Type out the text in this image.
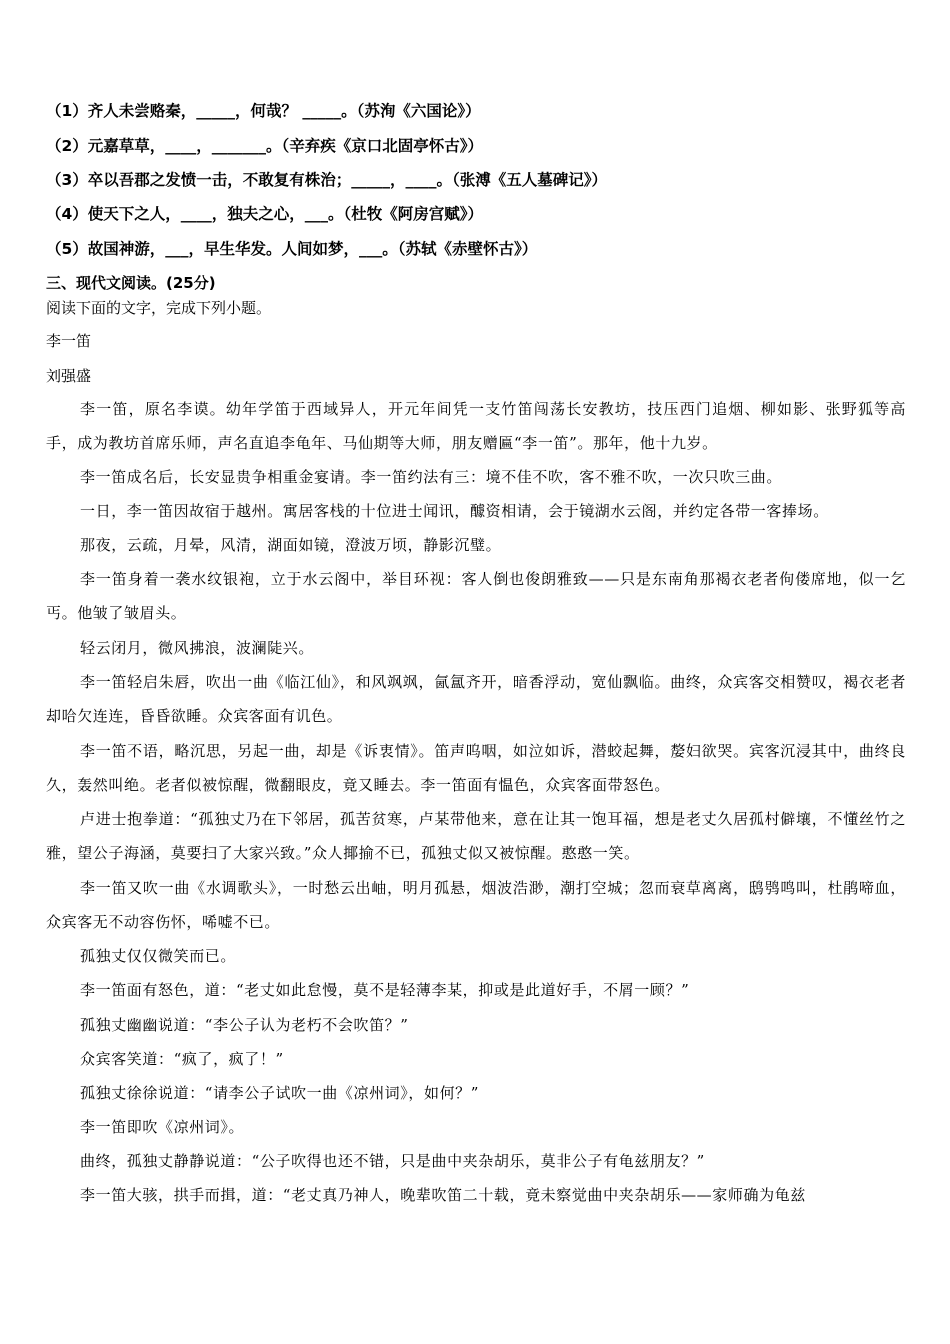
（1）齐人未尝赂秦，_____，何哉？ _____。（苏洵《六国论》）
（2）元嘉草草，____，_______。（辛弃疾《京口北固亭怀古》）
（3）卒以吾郡之发愤一击，不敢复有株治；_____，____。（张溥《五人墓碑记》）
（4）使天下之人，____，独夫之心，___。（杜牧《阿房宫赋》）
（5）故国神游，___，早生华发。人间如梦，___。（苏轼《赤壁怀古》）
三、现代文阅读。(25分)
阅读下面的文字，完成下列小题。
李一笛
刘强盛
李一笛，原名李谟。幼年学笛于西域异人，开元年间凭一支竹笛闯荡长安教坊，技压西门追烟、柳如影、张野狐等高手，成为教坊首席乐师，声名直追李龟年、马仙期等大师，朋友赠匾“李一笛”。那年，他十九岁。
李一笛成名后，长安显贵争相重金宴请。李一笛约法有三：境不佳不吹，客不雅不吹，一次只吹三曲。
一日，李一笛因故宿于越州。寓居客栈的十位进士闻讯，醵资相请，会于镜湖水云阁，并约定各带一客捧场。
那夜，云疏，月晕，风清，湖面如镜，澄波万顷，静影沉璧。
李一笛身着一袭水纹银袍，立于水云阁中，举目环视：客人倒也俊朗雅致——只是东南角那褐衣老者佝偻席地，似一乞丐。他皱了皱眉头。
轻云闭月，微风拂浪，波澜陡兴。
李一笛轻启朱唇，吹出一曲《临江仙》，和风飒飒，氤氲齐开，暗香浮动，宽仙飘临。曲终，众宾客交相赞叹，褐衣老者却哈欠连连，昏昏欲睡。众宾客面有讥色。
李一笛不语，略沉思，另起一曲，却是《诉衷情》。笛声呜咽，如泣如诉，潜蛟起舞，嫠妇欲哭。宾客沉浸其中，曲终良久，轰然叫绝。老者似被惊醒，微翻眼皮，竟又睡去。李一笛面有愠色，众宾客面带怒色。
卢进士抱拳道：“孤独丈乃在下邻居，孤苦贫寒，卢某带他来，意在让其一饱耳福，想是老丈久居孤村僻壤，不懂丝竹之雅，望公子海涵，莫要扫了大家兴致。”众人揶揄不已，孤独丈似又被惊醒。憨憨一笑。
李一笛又吹一曲《水调歌头》，一时愁云出岫，明月孤悬，烟波浩渺，潮打空城；忽而衰草离离，鸱鸮鸣叫，杜鹃啼血，众宾客无不动容伤怀，唏嘘不已。
孤独丈仅仅微笑而已。
李一笛面有怒色，道：“老丈如此怠慢，莫不是轻薄李某，抑或是此道好手，不屑一顾？”
孤独丈幽幽说道：“李公子认为老朽不会吹笛？”
众宾客笑道：“疯了，疯了！”
孤独丈徐徐说道：“请李公子试吹一曲《凉州词》，如何？”
李一笛即吹《凉州词》。
曲终，孤独丈静静说道：“公子吹得也还不错，只是曲中夹杂胡乐，莫非公子有龟兹朋友？”
李一笛大骇，拱手而揖，道：“老丈真乃神人，晚辈吹笛二十载，竟未察觉曲中夹杂胡乐——家师确为龟兹
